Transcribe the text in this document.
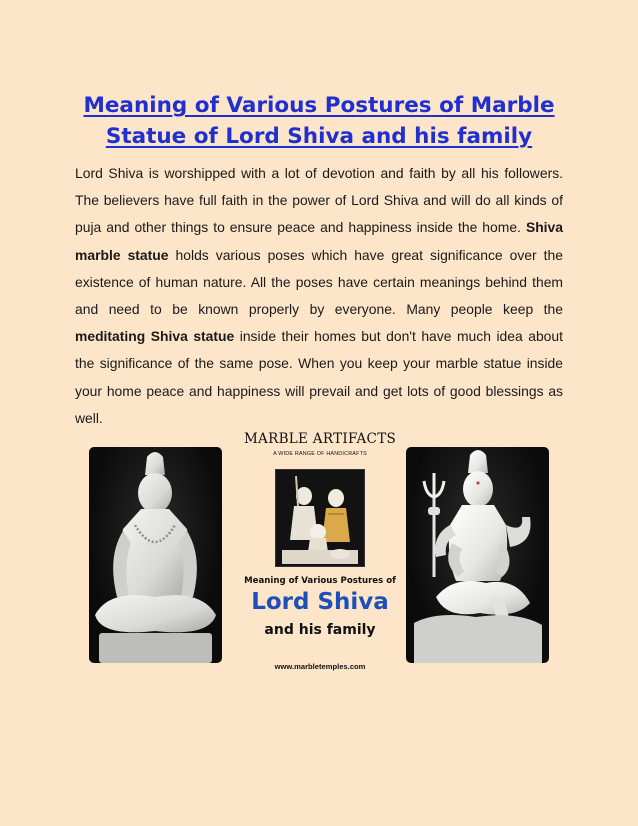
Meaning of Various Postures of Marble Statue of Lord Shiva and his family

Lord Shiva is worshipped with a lot of devotion and faith by all his followers. The believers have full faith in the power of Lord Shiva and will do all kinds of puja and other things to ensure peace and happiness inside the home. Shiva marble statue holds various poses which have great significance over the existence of human nature. All the poses have certain meanings behind them and need to be known properly by everyone. Many people keep the meditating Shiva statue inside their homes but don't have much idea about the significance of the same pose. When you keep your marble statue inside your home peace and happiness will prevail and get lots of good blessings as well.

MARBLE ARTIFACTS
A WIDE RANGE OF HANDICRAFTS
Meaning of Various Postures of
Lord Shiva
and his family
www.marbletemples.com
